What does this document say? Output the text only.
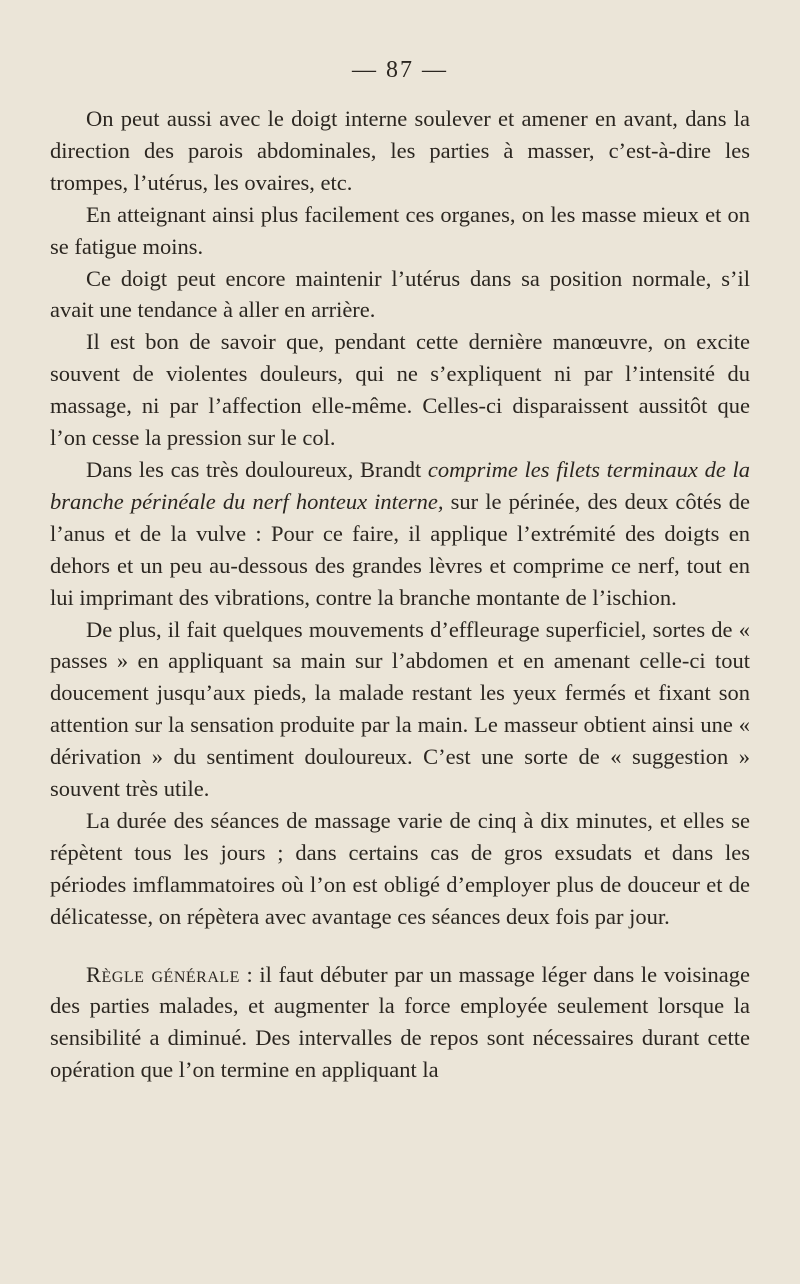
— 87 —

On peut aussi avec le doigt interne soulever et amener en avant, dans la direction des parois abdominales, les parties à masser, c’est-à-dire les trompes, l’utérus, les ovaires, etc.

En atteignant ainsi plus facilement ces organes, on les masse mieux et on se fatigue moins.

Ce doigt peut encore maintenir l’utérus dans sa position normale, s’il avait une tendance à aller en arrière.

Il est bon de savoir que, pendant cette dernière manœuvre, on excite souvent de violentes douleurs, qui ne s’expliquent ni par l’intensité du massage, ni par l’affection elle-même. Celles-ci disparaissent aussitôt que l’on cesse la pression sur le col.

Dans les cas très douloureux, Brandt comprime les filets terminaux de la branche périnéale du nerf honteux interne, sur le périnée, des deux côtés de l’anus et de la vulve : Pour ce faire, il applique l’extrémité des doigts en dehors et un peu au-dessous des grandes lèvres et comprime ce nerf, tout en lui imprimant des vibrations, contre la branche montante de l’ischion.

De plus, il fait quelques mouvements d’effleurage superficiel, sortes de « passes » en appliquant sa main sur l’abdomen et en amenant celle-ci tout doucement jusqu’aux pieds, la malade restant les yeux fermés et fixant son attention sur la sensation produite par la main. Le masseur obtient ainsi une « dérivation » du sentiment douloureux. C’est une sorte de « suggestion » souvent très utile.

La durée des séances de massage varie de cinq à dix minutes, et elles se répètent tous les jours ; dans certains cas de gros exsudats et dans les périodes imflammatoires où l’on est obligé d’employer plus de douceur et de délicatesse, on répètera avec avantage ces séances deux fois par jour.

Règle générale : il faut débuter par un massage léger dans le voisinage des parties malades, et augmenter la force employée seulement lorsque la sensibilité a diminué. Des intervalles de repos sont nécessaires durant cette opération que l’on termine en appliquant la
